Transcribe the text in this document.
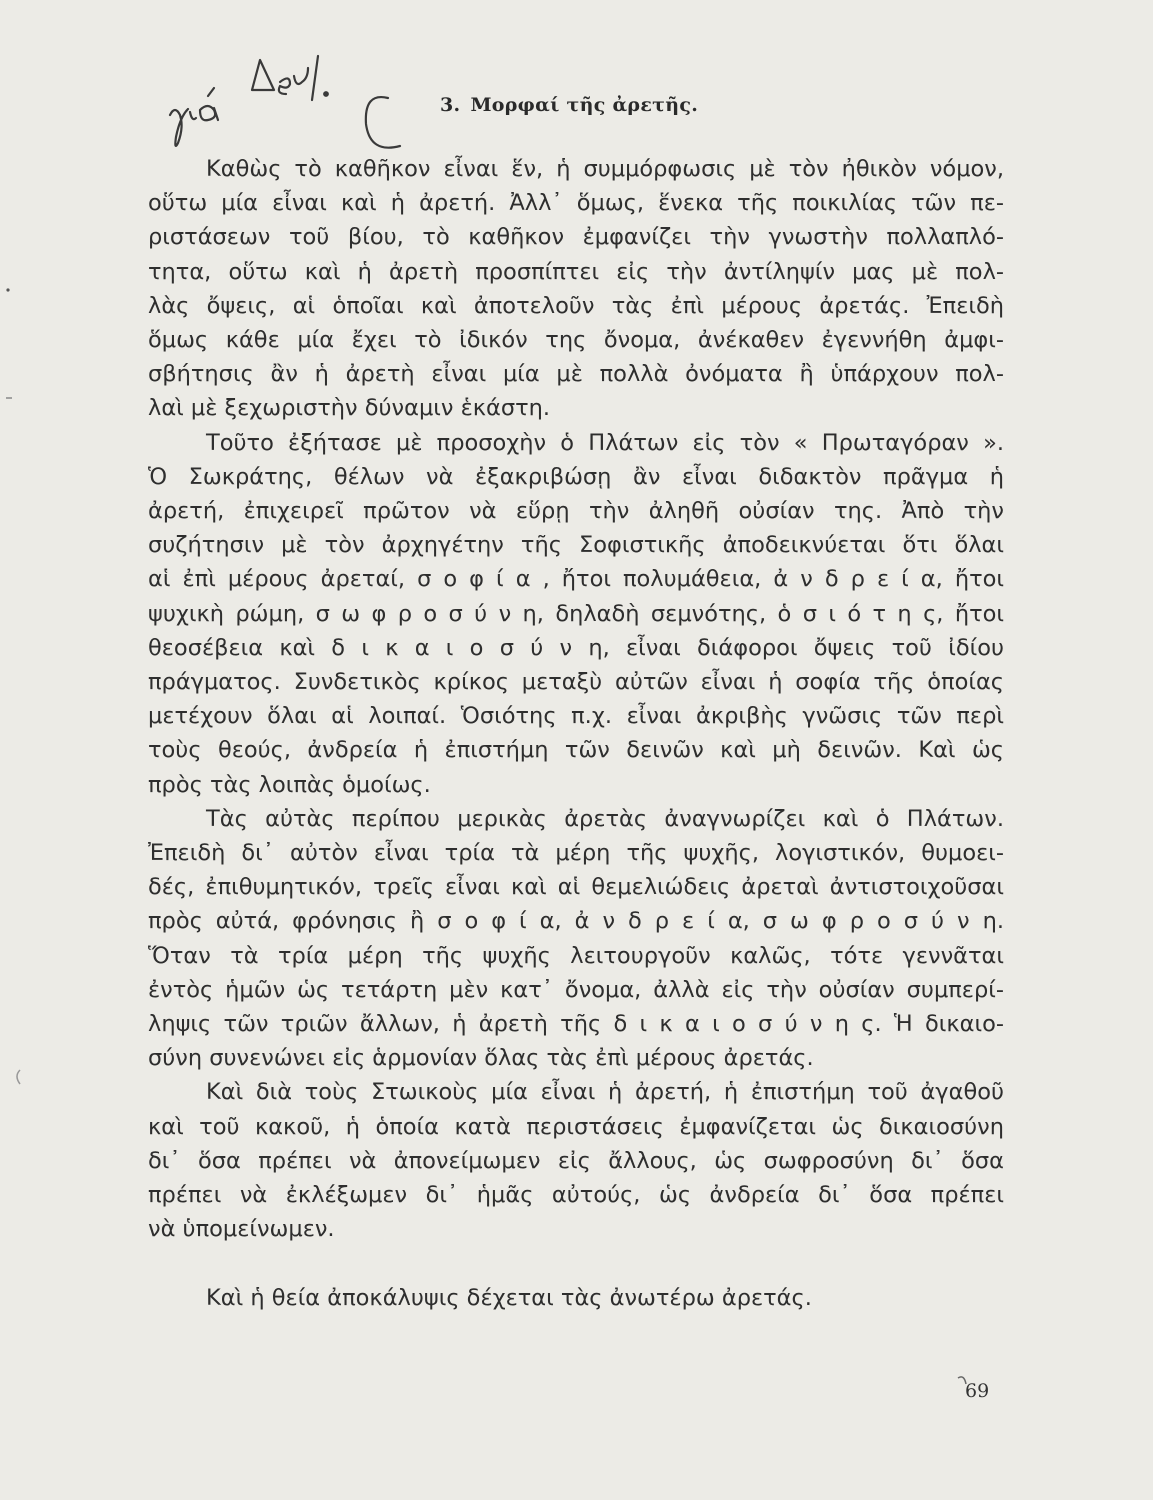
3. Μορφαί τῆς ἀρετῆς.

Καθὼς τὸ καθῆκον εἶναι ἕν, ἡ συμμόρφωσις μὲ τὸν ἠθικὸν νόμον,
οὕτω μία εἶναι καὶ ἡ ἀρετή. Ἀλλ᾽ ὅμως, ἕνεκα τῆς ποικιλίας τῶν πε-
ριστάσεων τοῦ βίου, τὸ καθῆκον ἐμφανίζει τὴν γνωστὴν πολλαπλό-
τητα, οὕτω καὶ ἡ ἀρετὴ προσπίπτει εἰς τὴν ἀντίληψίν μας μὲ πολ-
λὰς ὄψεις, αἱ ὁποῖαι καὶ ἀποτελοῦν τὰς ἐπὶ μέρους ἀρετάς. Ἐπειδὴ
ὅμως κάθε μία ἔχει τὸ ἰδικόν της ὄνομα, ἀνέκαθεν ἐγεννήθη ἀμφι-
σβήτησις ἂν ἡ ἀρετὴ εἶναι μία μὲ πολλὰ ὀνόματα ἢ ὑπάρχουν πολ-
λαὶ μὲ ξεχωριστὴν δύναμιν ἑκάστη.

Τοῦτο ἐξήτασε μὲ προσοχὴν ὁ Πλάτων εἰς τὸν « Πρωταγόραν ».
Ὁ Σωκράτης, θέλων νὰ ἐξακριβώσῃ ἂν εἶναι διδακτὸν πρᾶγμα ἡ
ἀρετή, ἐπιχειρεῖ πρῶτον νὰ εὕρῃ τὴν ἀληθῆ οὐσίαν της. Ἀπὸ τὴν
συζήτησιν μὲ τὸν ἀρχηγέτην τῆς Σοφιστικῆς ἀποδεικνύεται ὅτι ὅλαι
αἱ ἐπὶ μέρους ἀρεταί, σ ο φ ί α , ἤτοι πολυμάθεια, ἀ ν δ ρ ε ί α, ἤτοι
ψυχικὴ ρώμη, σ ω φ ρ ο σ ύ ν η, δηλαδὴ σεμνότης, ὁ σ ι ό τ η ς, ἤτοι
θεοσέβεια καὶ δ ι κ α ι ο σ ύ ν η, εἶναι διάφοροι ὄψεις τοῦ ἰδίου
πράγματος. Συνδετικὸς κρίκος μεταξὺ αὐτῶν εἶναι ἡ σοφία τῆς ὁποίας
μετέχουν ὅλαι αἱ λοιπαί. Ὁσιότης π.χ. εἶναι ἀκριβὴς γνῶσις τῶν περὶ
τοὺς θεούς, ἀνδρεία ἡ ἐπιστήμη τῶν δεινῶν καὶ μὴ δεινῶν. Καὶ ὡς
πρὸς τὰς λοιπὰς ὁμοίως.

Τὰς αὐτὰς περίπου μερικὰς ἀρετὰς ἀναγνωρίζει καὶ ὁ Πλάτων.
Ἐπειδὴ δι᾽ αὐτὸν εἶναι τρία τὰ μέρη τῆς ψυχῆς, λογιστικόν, θυμοει-
δές, ἐπιθυμητικόν, τρεῖς εἶναι καὶ αἱ θεμελιώδεις ἀρεταὶ ἀντιστοιχοῦσαι
πρὸς αὐτά, φρόνησις ἢ σ ο φ ί α, ἀ ν δ ρ ε ί α, σ ω φ ρ ο σ ύ ν η.
Ὅταν τὰ τρία μέρη τῆς ψυχῆς λειτουργοῦν καλῶς, τότε γεννᾶται
ἐντὸς ἡμῶν ὡς τετάρτη μὲν κατ᾽ ὄνομα, ἀλλὰ εἰς τὴν οὐσίαν συμπερί-
ληψις τῶν τριῶν ἄλλων, ἡ ἀρετὴ τῆς δ ι κ α ι ο σ ύ ν η ς. Ἡ δικαιο-
σύνη συνενώνει εἰς ἁρμονίαν ὅλας τὰς ἐπὶ μέρους ἀρετάς.

Καὶ διὰ τοὺς Στωικοὺς μία εἶναι ἡ ἀρετή, ἡ ἐπιστήμη τοῦ ἀγαθοῦ
καὶ τοῦ κακοῦ, ἡ ὁποία κατὰ περιστάσεις ἐμφανίζεται ὡς δικαιοσύνη
δι᾽ ὅσα πρέπει νὰ ἀπονείμωμεν εἰς ἄλλους, ὡς σωφροσύνη δι᾽ ὅσα
πρέπει νὰ ἐκλέξωμεν δι᾽ ἡμᾶς αὐτούς, ὡς ἀνδρεία δι᾽ ὅσα πρέπει
νὰ ὑπομείνωμεν.

Καὶ ἡ θεία ἀποκάλυψις δέχεται τὰς ἀνωτέρω ἀρετάς.

69
